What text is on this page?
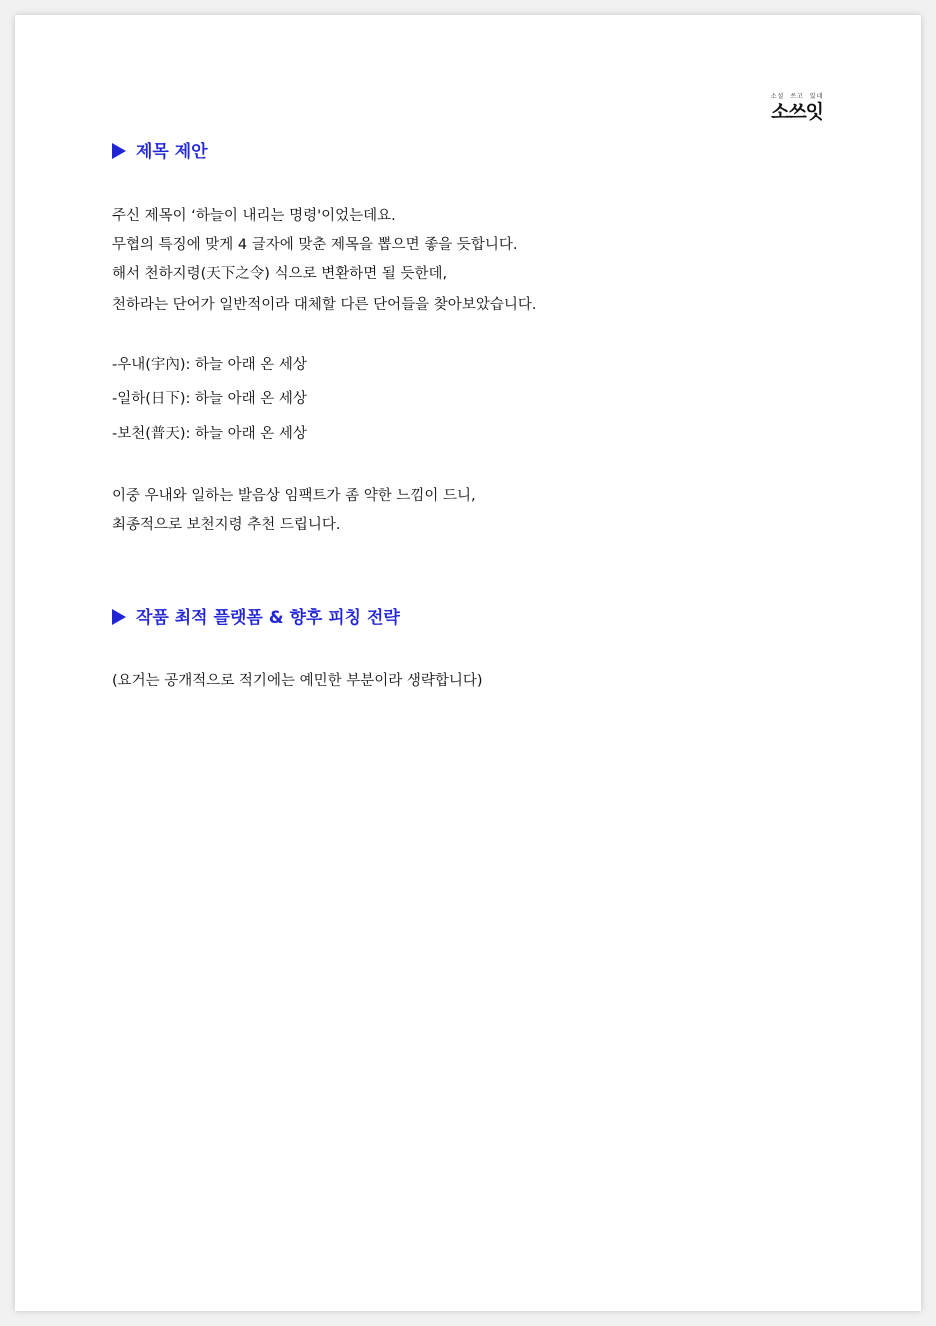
소설 쓰고 있네
소쓰잇
제목 제안
주신 제목이 ‘하늘이 내리는 명령'이었는데요.
무협의 특징에 맞게 4 글자에 맞춘 제목을 뽑으면 좋을 듯합니다.
해서 천하지령(天下之令) 식으로 변환하면 될 듯한데,
천하라는 단어가 일반적이라 대체할 다른 단어들을 찾아보았습니다.
-우내(宇內): 하늘 아래 온 세상
-일하(日下): 하늘 아래 온 세상
-보천(普天): 하늘 아래 온 세상
이중 우내와 일하는 발음상 임팩트가 좀 약한 느낌이 드니,
최종적으로 보천지령 추천 드립니다.
작품 최적 플랫폼 & 향후 피칭 전략
(요거는 공개적으로 적기에는 예민한 부분이라 생략합니다)
